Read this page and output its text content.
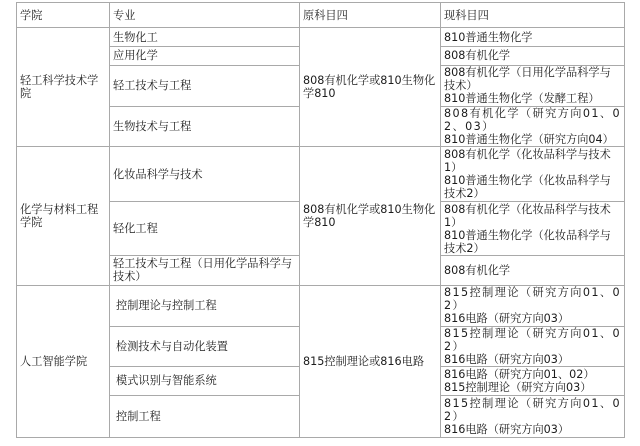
学院	专业	原科目四	现科目四
轻工科学技术学院	生物化工	808有机化学或810生物化学810	810普通生物化学

	应用化学		808有机化学

	轻工技术与工程		808有机化学（日用化学品科学与技术）
810普通生物化学（发酵工程）

	生物技术与工程		808有机化学（研究方向01、02、03）
810普通生物化学（研究方向04）

化学与材料工程学院	化妆品科学与技术	808有机化学或810生物化学810	808有机化学（化妆品科学与技术1）
810普通生物化学（化妆品科学与技术2）

	轻化工程		808有机化学（化妆品科学与技术1）
810普通生物化学（化妆品科学与技术2）

	轻工技术与工程（日用化学品科学与技术）		808有机化学

人工智能学院	控制理论与控制工程	815控制理论或816电路	815控制理论（研究方向01、02）
816电路（研究方向03）

	检测技术与自动化装置		815控制理论（研究方向01、02）
816电路（研究方向03）

	模式识别与智能系统		816电路（研究方向01、02）
815控制理论（研究方向03）

	控制工程		815控制理论（研究方向01、02）
816电路（研究方向03）
